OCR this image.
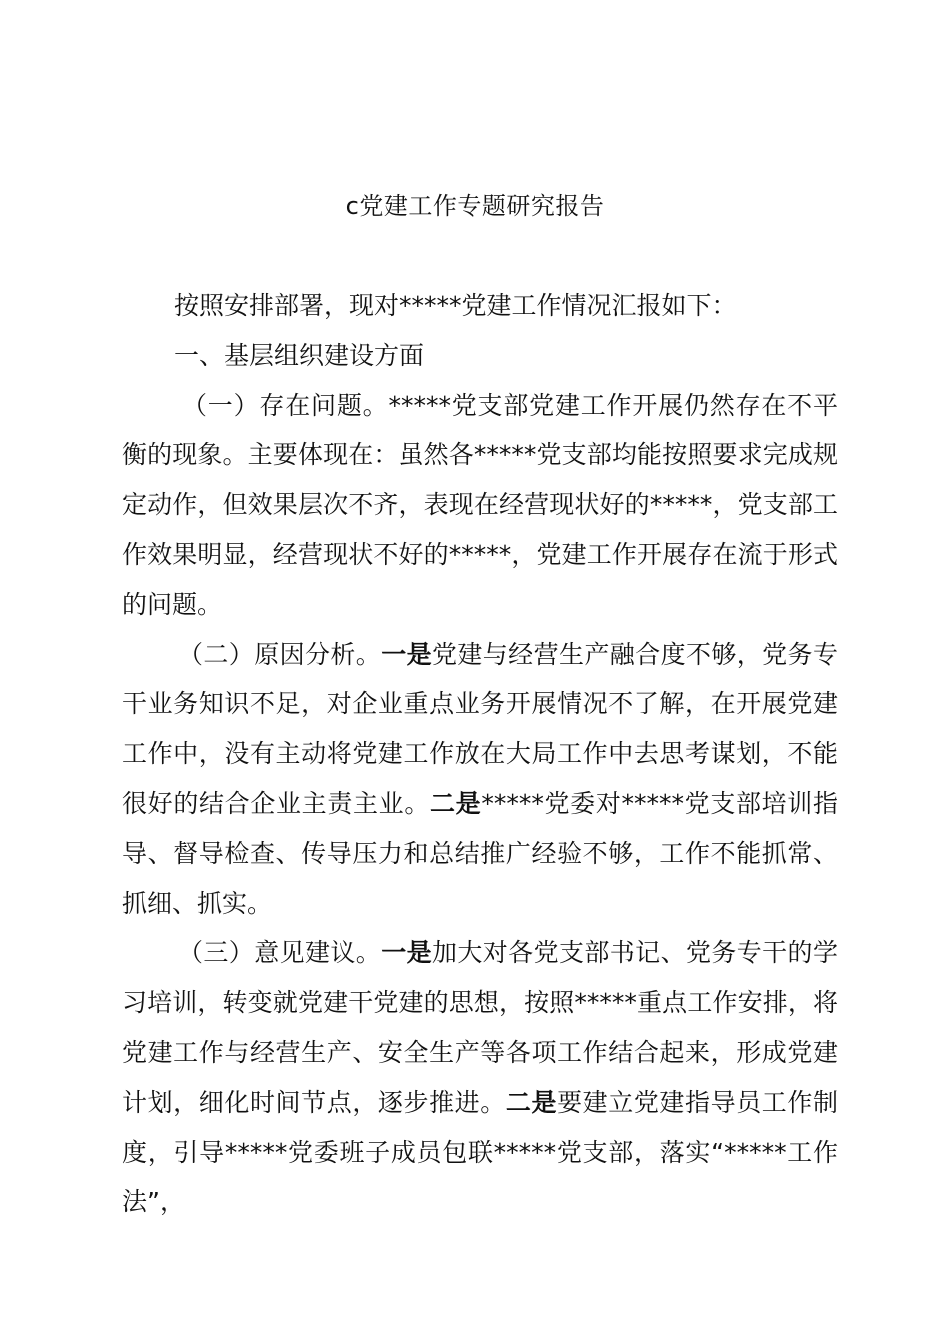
c党建工作专题研究报告

按照安排部署，现对*****党建工作情况汇报如下：

一、基层组织建设方面

（一）存在问题。*****党支部党建工作开展仍然存在不平衡的现象。主要体现在：虽然各*****党支部均能按照要求完成规定动作，但效果层次不齐，表现在经营现状好的*****，党支部工作效果明显，经营现状不好的*****，党建工作开展存在流于形式的问题。

（二）原因分析。一是党建与经营生产融合度不够，党务专干业务知识不足，对企业重点业务开展情况不了解，在开展党建工作中，没有主动将党建工作放在大局工作中去思考谋划，不能很好的结合企业主责主业。二是*****党委对*****党支部培训指导、督导检查、传导压力和总结推广经验不够，工作不能抓常、抓细、抓实。

（三）意见建议。一是加大对各党支部书记、党务专干的学习培训，转变就党建干党建的思想，按照*****重点工作安排，将党建工作与经营生产、安全生产等各项工作结合起来，形成党建计划，细化时间节点，逐步推进。二是要建立党建指导员工作制度，引导*****党委班子成员包联*****党支部，落实“*****工作法”，
